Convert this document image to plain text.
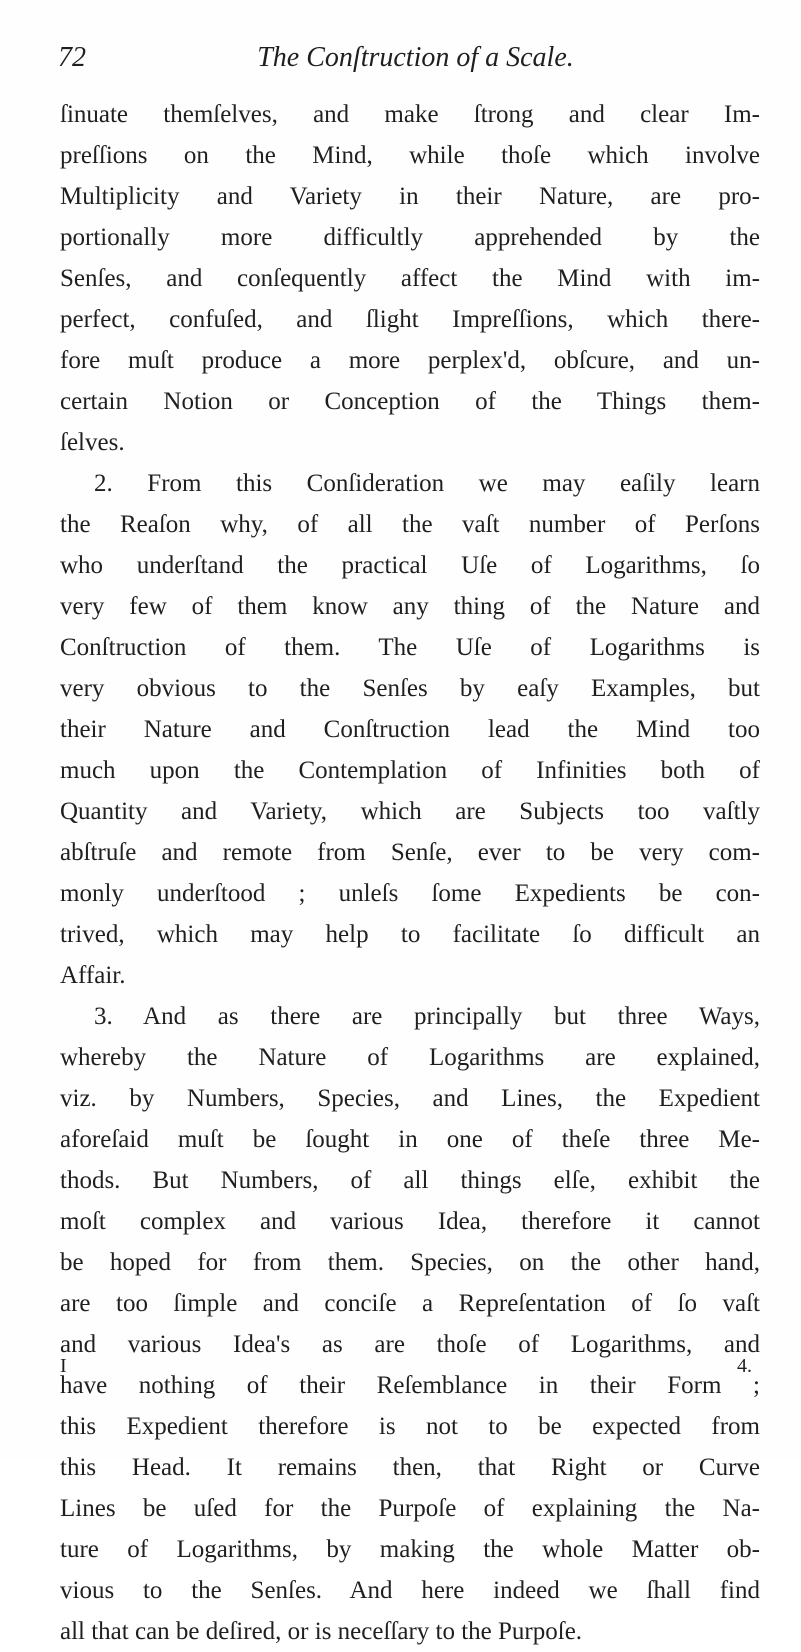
72	The Conſtruction of a Scale.
ſinuate themſelves, and make ſtrong and clear Im-
preſſions on the Mind, while thoſe which involve
Multiplicity and Variety in their Nature, are pro-
portionally more difficultly apprehended by the
Senſes, and conſequently affect the Mind with im-
perfect, confuſed, and ſlight Impreſſions, which there-
fore muſt produce a more perplex'd, obſcure, and un-
certain Notion or Conception of the Things them-
ſelves.
2. From this Conſideration we may eaſily learn
the Reaſon why, of all the vaſt number of Perſons
who underſtand the practical Uſe of Logarithms, ſo
very few of them know any thing of the Nature and
Conſtruction of them. The Uſe of Logarithms is
very obvious to the Senſes by eaſy Examples, but
their Nature and Conſtruction lead the Mind too
much upon the Contemplation of Infinities both of
Quantity and Variety, which are Subjects too vaſtly
abſtruſe and remote from Senſe, ever to be very com-
monly underſtood ; unleſs ſome Expedients be con-
trived, which may help to facilitate ſo difficult an
Affair.
3. And as there are principally but three Ways,
whereby the Nature of Logarithms are explained,
viz. by Numbers, Species, and Lines, the Expedient
aforeſaid muſt be ſought in one of theſe three Me-
thods. But Numbers, of all things elſe, exhibit the
moſt complex and various Idea, therefore it cannot
be hoped for from them. Species, on the other hand,
are too ſimple and conciſe a Repreſentation of ſo vaſt
and various Idea's as are thoſe of Logarithms, and
have nothing of their Reſemblance in their Form ;
this Expedient therefore is not to be expected from
this Head. It remains then, that Right or Curve
Lines be uſed for the Purpoſe of explaining the Na-
ture of Logarithms, by making the whole Matter ob-
vious to the Senſes. And here indeed we ſhall find
all that can be deſired, or is neceſſary to the Purpoſe.
I	4.
